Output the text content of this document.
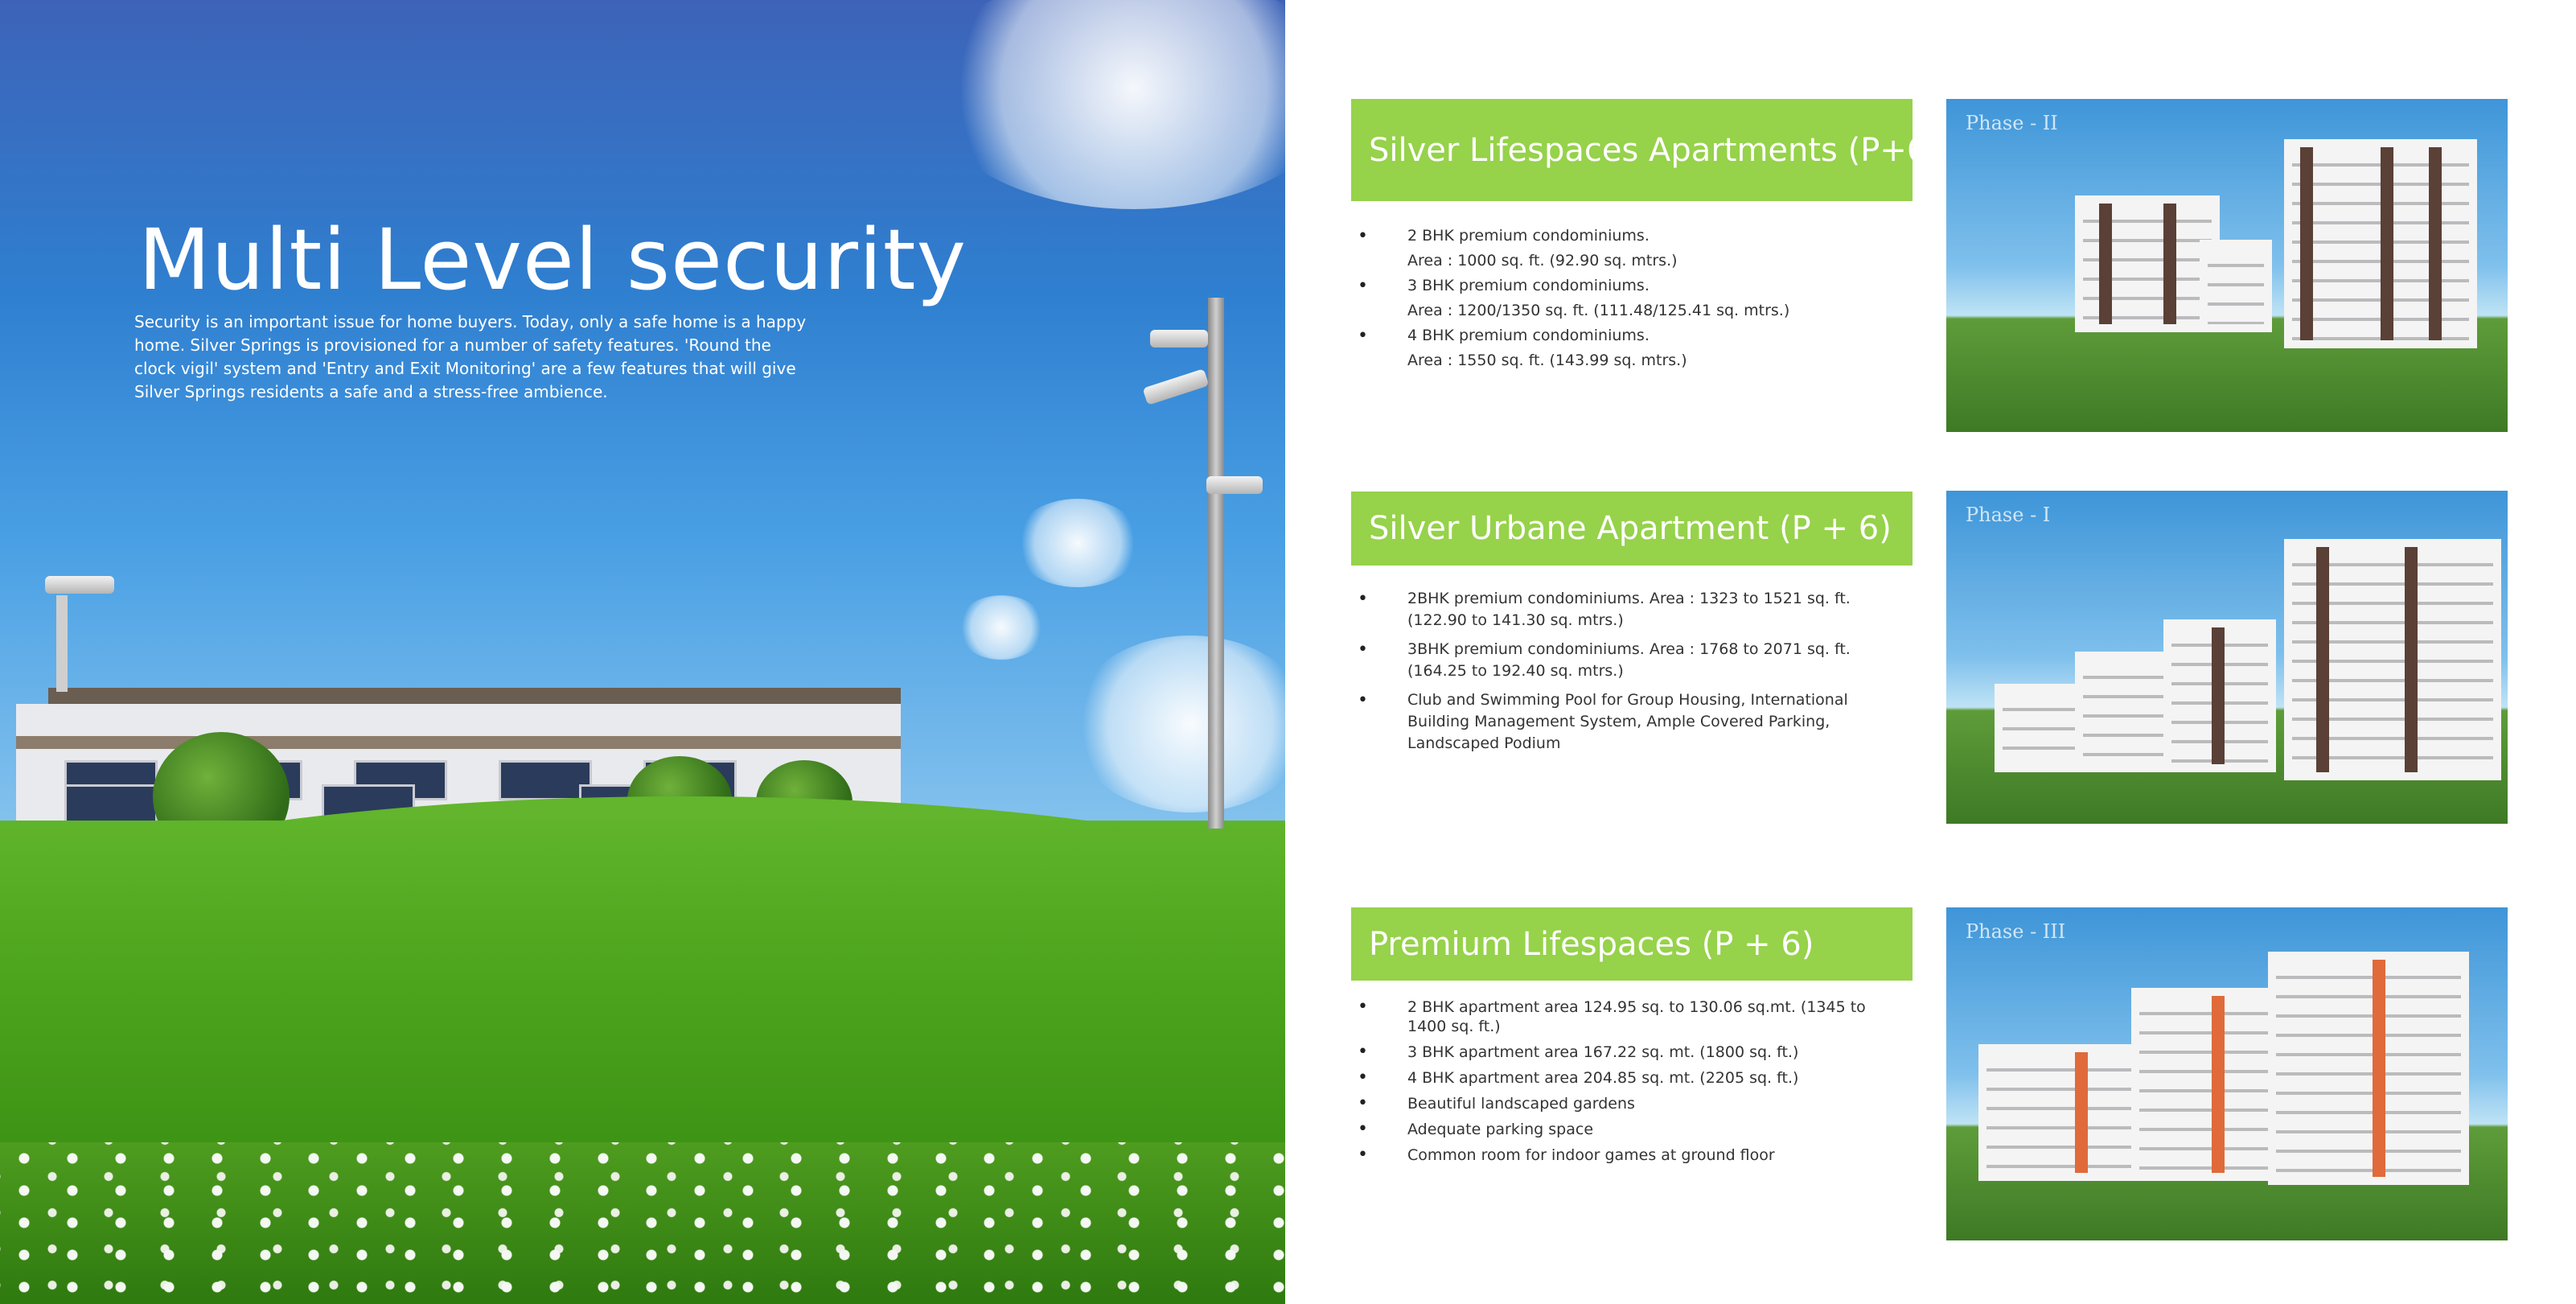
Multi Level security
Security is an important issue for home buyers. Today, only a safe home is a happy home. Silver Springs is provisioned for a number of safety features. 'Round the clock vigil' system and 'Entry and Exit Monitoring' are a few features that will give Silver Springs residents a safe and a stress-free ambience.
Silver Lifespaces Apartments (P+6)
• 2 BHK premium condominiums.
Area : 1000 sq. ft. (92.90 sq. mtrs.)
• 3 BHK premium condominiums.
Area : 1200/1350 sq. ft. (111.48/125.41 sq. mtrs.)
• 4 BHK premium condominiums.
Area : 1550 sq. ft. (143.99 sq. mtrs.)
Phase - II
Silver Urbane Apartment (P + 6)
• 2BHK premium condominiums. Area : 1323 to 1521 sq. ft. (122.90 to 141.30 sq. mtrs.)
• 3BHK premium condominiums. Area : 1768 to 2071 sq. ft. (164.25 to 192.40 sq. mtrs.)
• Club and Swimming Pool for Group Housing, International Building Management System, Ample Covered Parking, Landscaped Podium
Phase - I
Premium Lifespaces (P + 6)
• 2 BHK apartment area 124.95 sq. to 130.06 sq.mt. (1345 to 1400 sq. ft.)
• 3 BHK apartment area 167.22 sq. mt. (1800 sq. ft.)
• 4 BHK apartment area 204.85 sq. mt. (2205 sq. ft.)
• Beautiful landscaped gardens
• Adequate parking space
• Common room for indoor games at ground floor
Phase - III
